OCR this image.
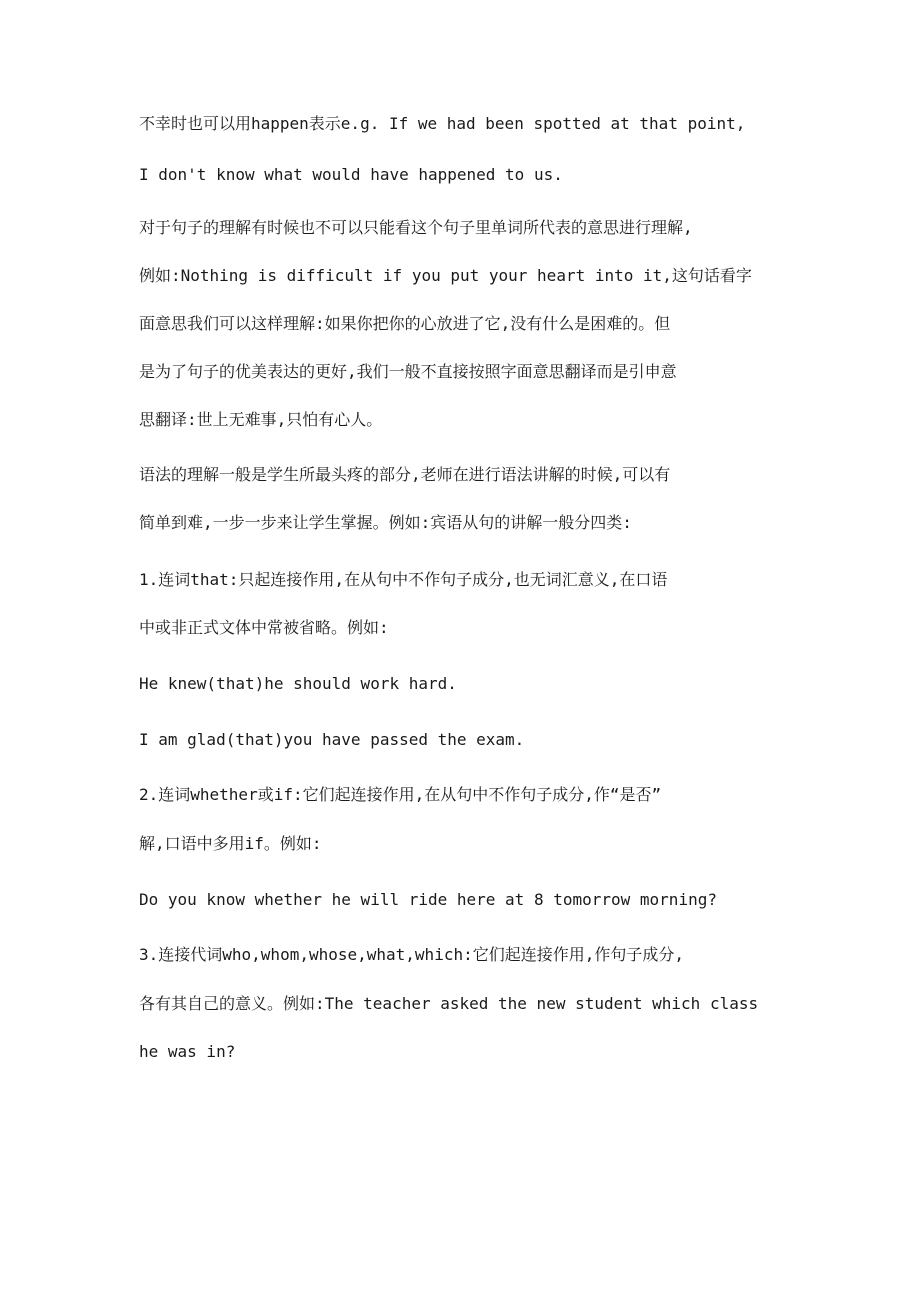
不幸时也可以用happen表示e.g. If we had been spotted at that point,

I don't know what would have happened to us.

对于句子的理解有时候也不可以只能看这个句子里单词所代表的意思进行理解,

例如:Nothing is difficult if you put your heart into it,这句话看字

面意思我们可以这样理解:如果你把你的心放进了它,没有什么是困难的。但

是为了句子的优美表达的更好,我们一般不直接按照字面意思翻译而是引申意

思翻译:世上无难事,只怕有心人。

语法的理解一般是学生所最头疼的部分,老师在进行语法讲解的时候,可以有

简单到难,一步一步来让学生掌握。例如:宾语从句的讲解一般分四类:

1.连词that:只起连接作用,在从句中不作句子成分,也无词汇意义,在口语

中或非正式文体中常被省略。例如:

He knew(that)he should work hard.

I am glad(that)you have passed the exam.

2.连词whether或if:它们起连接作用,在从句中不作句子成分,作“是否”

解,口语中多用if。例如:

Do you know whether he will ride here at 8 tomorrow morning?

3.连接代词who,whom,whose,what,which:它们起连接作用,作句子成分,

各有其自己的意义。例如:The teacher asked the new student which class

he was in?
